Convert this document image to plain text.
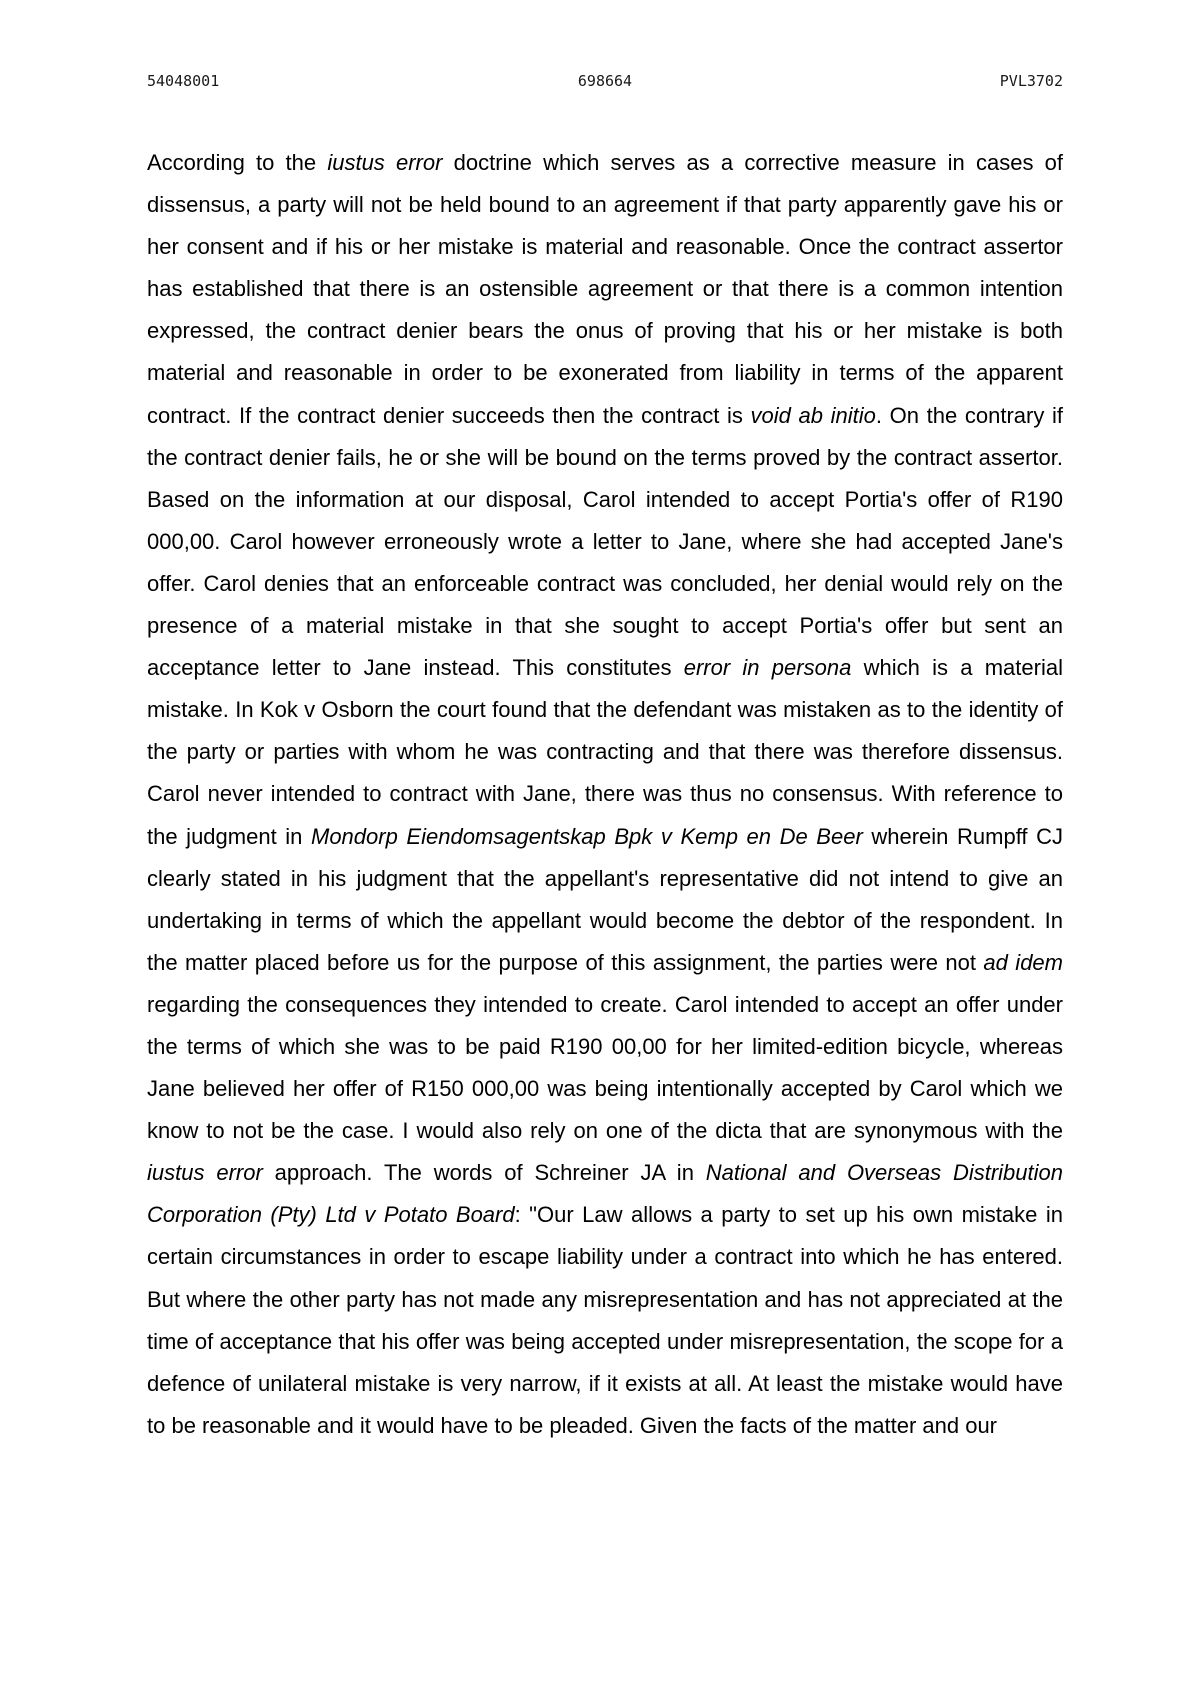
54048001	698664	PVL3702

According to the iustus error doctrine which serves as a corrective measure in cases of dissensus, a party will not be held bound to an agreement if that party apparently gave his or her consent and if his or her mistake is material and reasonable. Once the contract assertor has established that there is an ostensible agreement or that there is a common intention expressed, the contract denier bears the onus of proving that his or her mistake is both material and reasonable in order to be exonerated from liability in terms of the apparent contract. If the contract denier succeeds then the contract is void ab initio. On the contrary if the contract denier fails, he or she will be bound on the terms proved by the contract assertor. Based on the information at our disposal, Carol intended to accept Portia's offer of R190 000,00. Carol however erroneously wrote a letter to Jane, where she had accepted Jane's offer. Carol denies that an enforceable contract was concluded, her denial would rely on the presence of a material mistake in that she sought to accept Portia's offer but sent an acceptance letter to Jane instead. This constitutes error in persona which is a material mistake. In Kok v Osborn the court found that the defendant was mistaken as to the identity of the party or parties with whom he was contracting and that there was therefore dissensus. Carol never intended to contract with Jane, there was thus no consensus. With reference to the judgment in Mondorp Eiendomsagentskap Bpk v Kemp en De Beer wherein Rumpff CJ clearly stated in his judgment that the appellant's representative did not intend to give an undertaking in terms of which the appellant would become the debtor of the respondent. In the matter placed before us for the purpose of this assignment, the parties were not ad idem regarding the consequences they intended to create. Carol intended to accept an offer under the terms of which she was to be paid R190 00,00 for her limited-edition bicycle, whereas Jane believed her offer of R150 000,00 was being intentionally accepted by Carol which we know to not be the case. I would also rely on one of the dicta that are synonymous with the iustus error approach. The words of Schreiner JA in National and Overseas Distribution Corporation (Pty) Ltd v Potato Board: "Our Law allows a party to set up his own mistake in certain circumstances in order to escape liability under a contract into which he has entered. But where the other party has not made any misrepresentation and has not appreciated at the time of acceptance that his offer was being accepted under misrepresentation, the scope for a defence of unilateral mistake is very narrow, if it exists at all. At least the mistake would have to be reasonable and it would have to be pleaded. Given the facts of the matter and our
